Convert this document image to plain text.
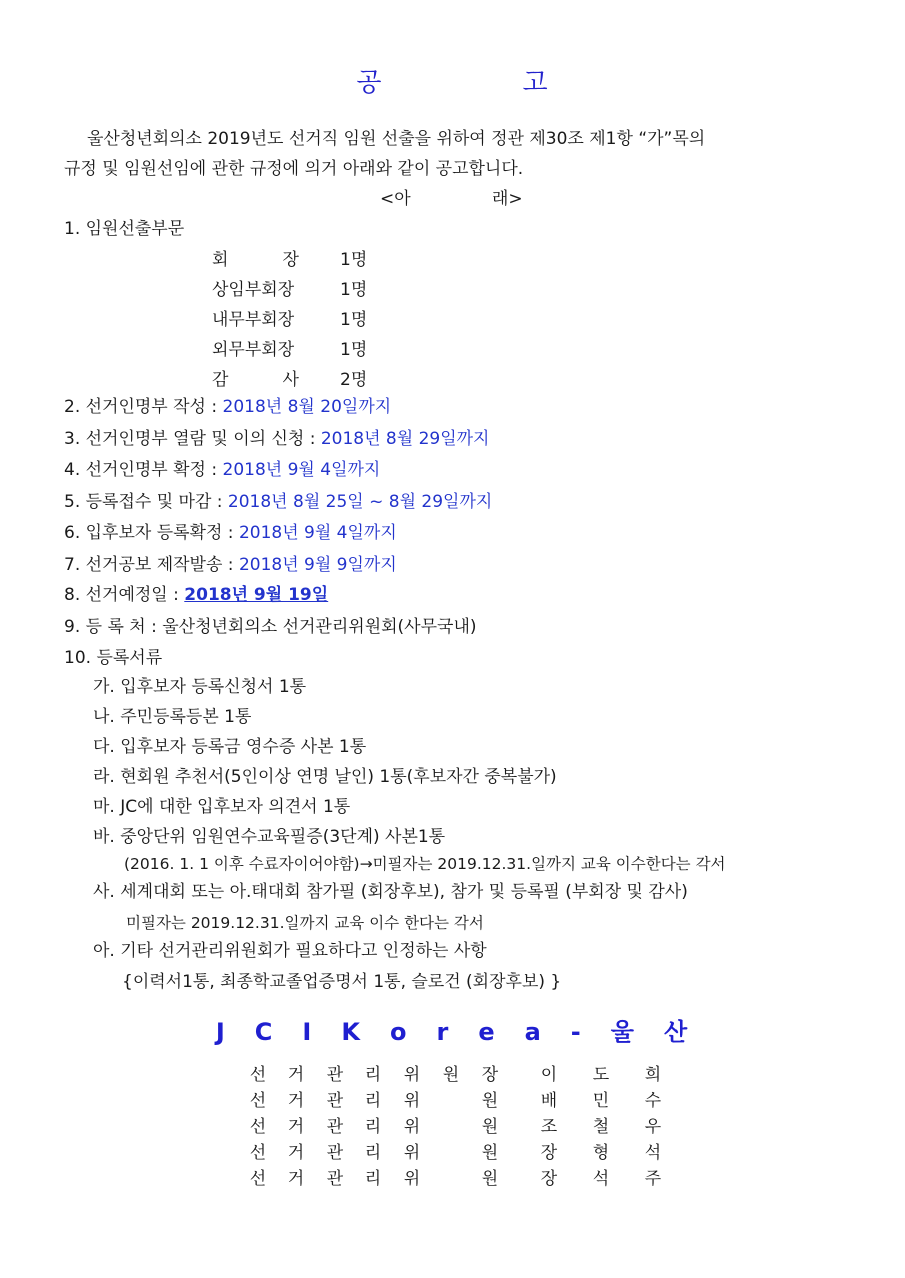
공	고
울산청년회의소 2019년도 선거직 임원 선출을 위하여 정관 제30조 제1항 “가”목의
규정 및 임원선임에 관한 규정에 의거 아래와 같이 공고합니다.
<아	래>
1. 임원선출부문
회          장 1명
상임부회장	1명
내무부회장	1명
외무부회장	1명
감          사 2명
2. 선거인명부 작성 : 2018년 8월 20일까지
3. 선거인명부 열람 및 이의 신청 : 2018년 8월 29일까지
4. 선거인명부 확정 : 2018년 9월 4일까지
5. 등록접수 및 마감 : 2018년 8월 25일 ~ 8월 29일까지
6. 입후보자 등록확정 : 2018년 9월 4일까지
7. 선거공보 제작발송 : 2018년 9월 9일까지
8. 선거예정일 : 2018년 9월 19일
9. 등 록 처 : 울산청년회의소 선거관리위원회(사무국내)
10. 등록서류
가. 입후보자 등록신청서 1통
나. 주민등록등본 1통
다. 입후보자 등록금 영수증 사본 1통
라. 현회원 추천서(5인이상 연명 날인) 1통(후보자간 중복불가)
마. JC에 대한 입후보자 의견서 1통
바. 중앙단위 임원연수교육필증(3단계) 사본1통
(2016. 1. 1 이후 수료자이어야함)→미필자는 2019.12.31.일까지 교육 이수한다는 각서
사. 세계대회 또는 아.태대회 참가필 (회장후보), 참가 및 등록필 (부회장 및 감사)
미필자는 2019.12.31.일까지 교육 이수 한다는 각서
아. 기타 선거관리위원회가 필요하다고 인정하는 사항
{이력서1통, 최종학교졸업증명서 1통, 슬로건 (회장후보) }
J C I K o r e a - 울 산
선 거 관 리 위 원 장	이 도 희
선 거 관 리 위	원	배 민 수
선 거 관 리 위	원	조 철 우
선 거 관 리 위	원	장 형 석
선 거 관 리 위	원	장 석 주
